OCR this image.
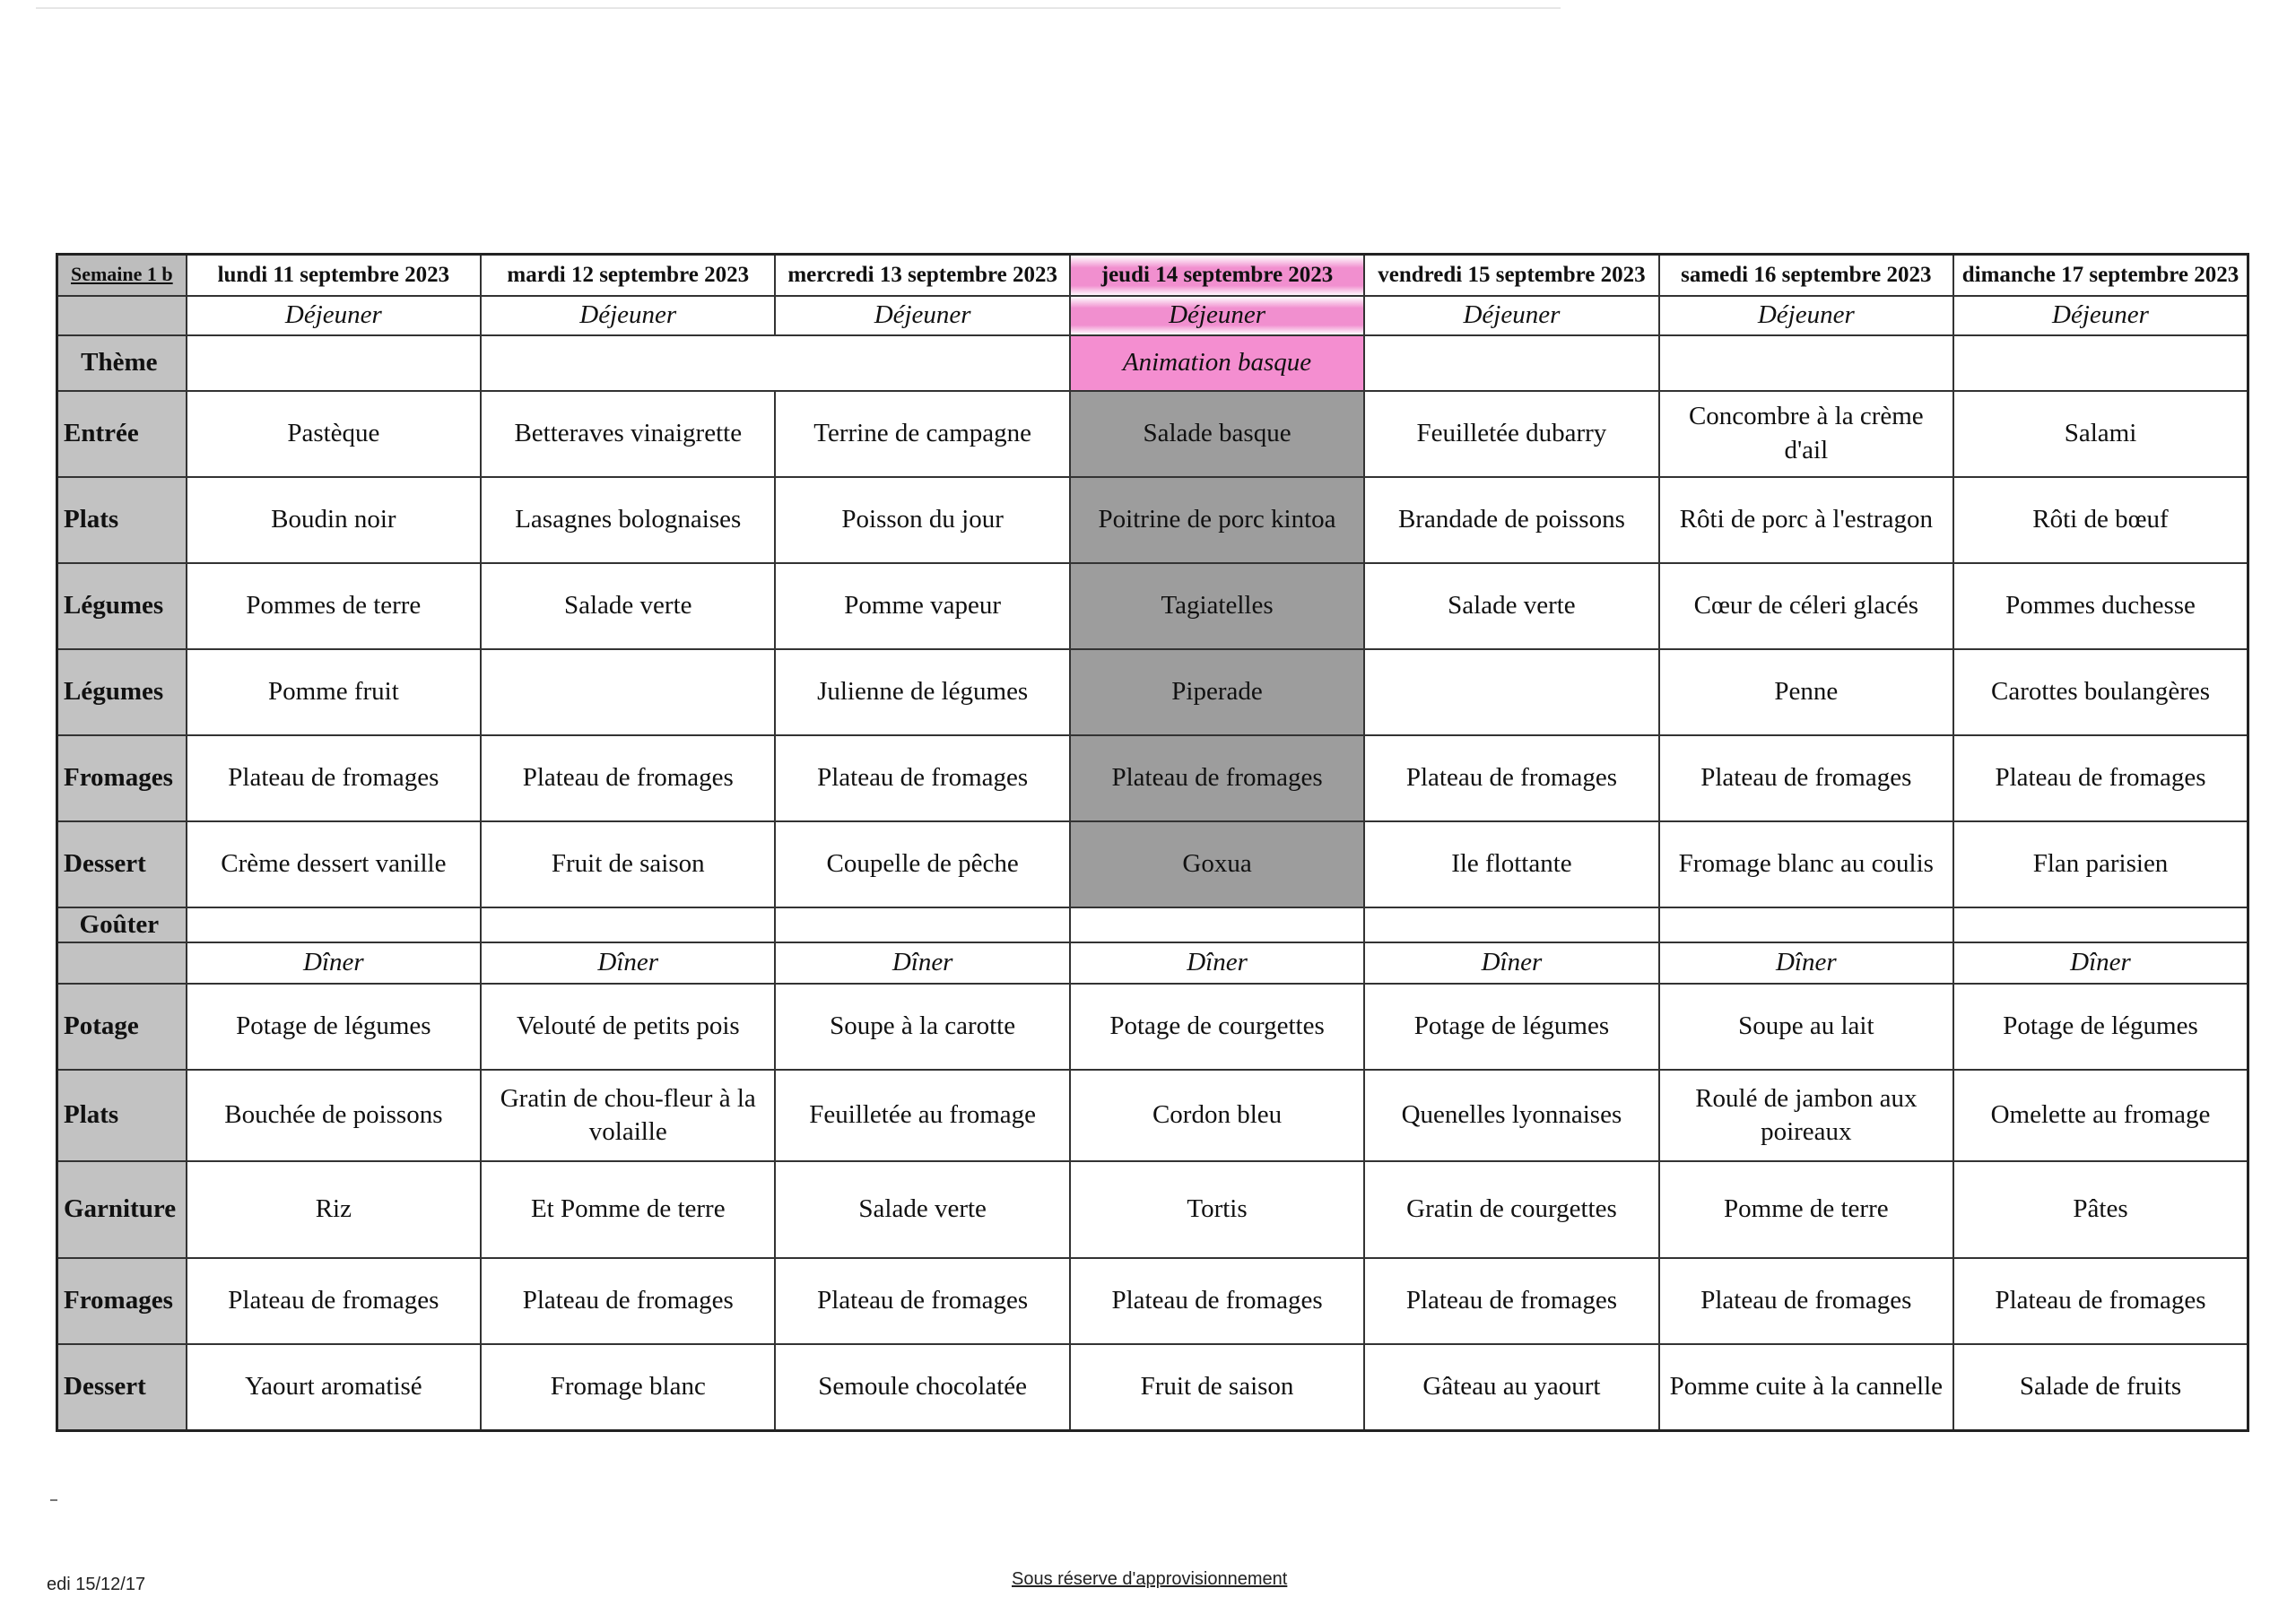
Semaine 1 b	lundi 11 septembre 2023	mardi 12 septembre 2023	mercredi 13 septembre 2023	jeudi 14 septembre 2023	vendredi 15 septembre 2023	samedi 16 septembre 2023	dimanche 17 septembre 2023
	Déjeuner	Déjeuner	Déjeuner	Déjeuner	Déjeuner	Déjeuner	Déjeuner
Thème				Animation basque			
Entrée	Pastèque	Betteraves vinaigrette	Terrine de campagne	Salade basque	Feuilletée dubarry	Concombre à la crème d'ail	Salami
Plats	Boudin noir	Lasagnes bolognaises	Poisson du jour	Poitrine de porc kintoa	Brandade de poissons	Rôti de porc à l'estragon	Rôti de bœuf
Légumes	Pommes de terre	Salade verte	Pomme vapeur	Tagiatelles	Salade verte	Cœur de céleri glacés	Pommes duchesse
Légumes	Pomme fruit		Julienne de légumes	Piperade		Penne	Carottes boulangères
Fromages	Plateau de fromages	Plateau de fromages	Plateau de fromages	Plateau de fromages	Plateau de fromages	Plateau de fromages	Plateau de fromages
Dessert	Crème dessert vanille	Fruit de saison	Coupelle de pêche	Goxua	Ile flottante	Fromage blanc au coulis	Flan parisien
Goûter							
	Dîner	Dîner	Dîner	Dîner	Dîner	Dîner	Dîner
Potage	Potage de légumes	Velouté de petits pois	Soupe à la carotte	Potage de courgettes	Potage de légumes	Soupe au lait	Potage de légumes
Plats	Bouchée de poissons	Gratin de chou-fleur à la volaille	Feuilletée au fromage	Cordon bleu	Quenelles lyonnaises	Roulé de jambon aux poireaux	Omelette au fromage
Garniture	Riz	Et Pomme de terre	Salade verte	Tortis	Gratin de courgettes	Pomme de terre	Pâtes
Fromages	Plateau de fromages	Plateau de fromages	Plateau de fromages	Plateau de fromages	Plateau de fromages	Plateau de fromages	Plateau de fromages
Dessert	Yaourt aromatisé	Fromage blanc	Semoule chocolatée	Fruit de saison	Gâteau au yaourt	Pomme cuite à la cannelle	Salade de fruits
edi 15/12/17	Sous réserve d'approvisionnement
